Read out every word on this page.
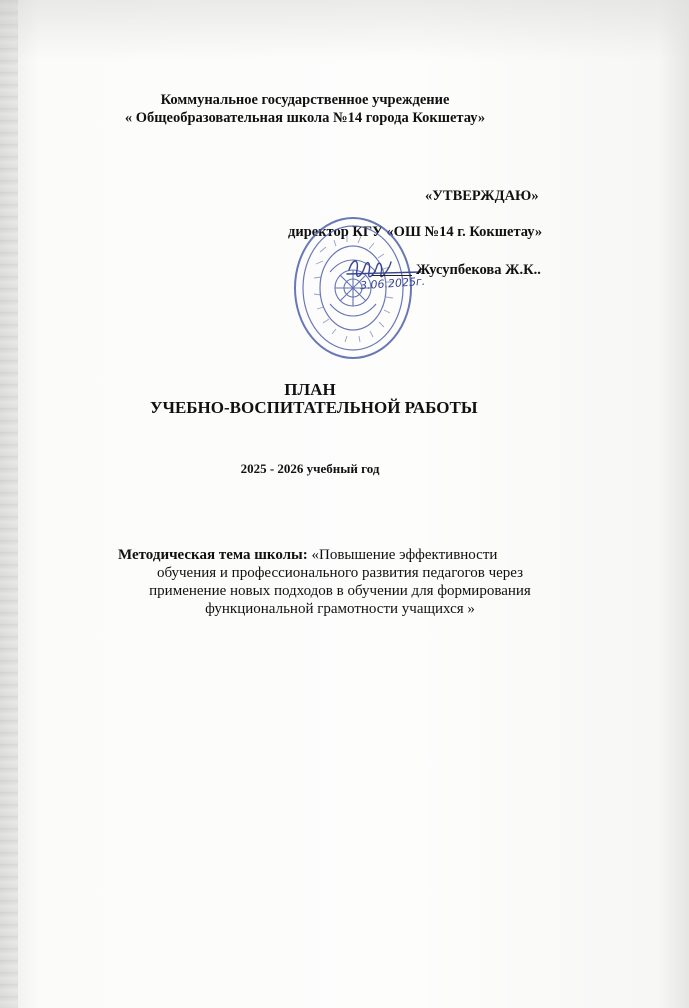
Коммунальное государственное учреждение
« Общеобразовательная школа №14 города Кокшетау»
«УТВЕРЖДАЮ»
директор КГУ «ОШ №14 г. Кокшетау»
3.06.2025г.
Жусупбекова Ж.К..
ПЛАН
УЧЕБНО-ВОСПИТАТЕЛЬНОЙ РАБОТЫ
2025 - 2026 учебный год
Методическая тема школы: «Повышение эффективности
обучения и профессионального развития педагогов через
применение новых подходов в обучении для формирования
функциональной грамотности учащихся »
